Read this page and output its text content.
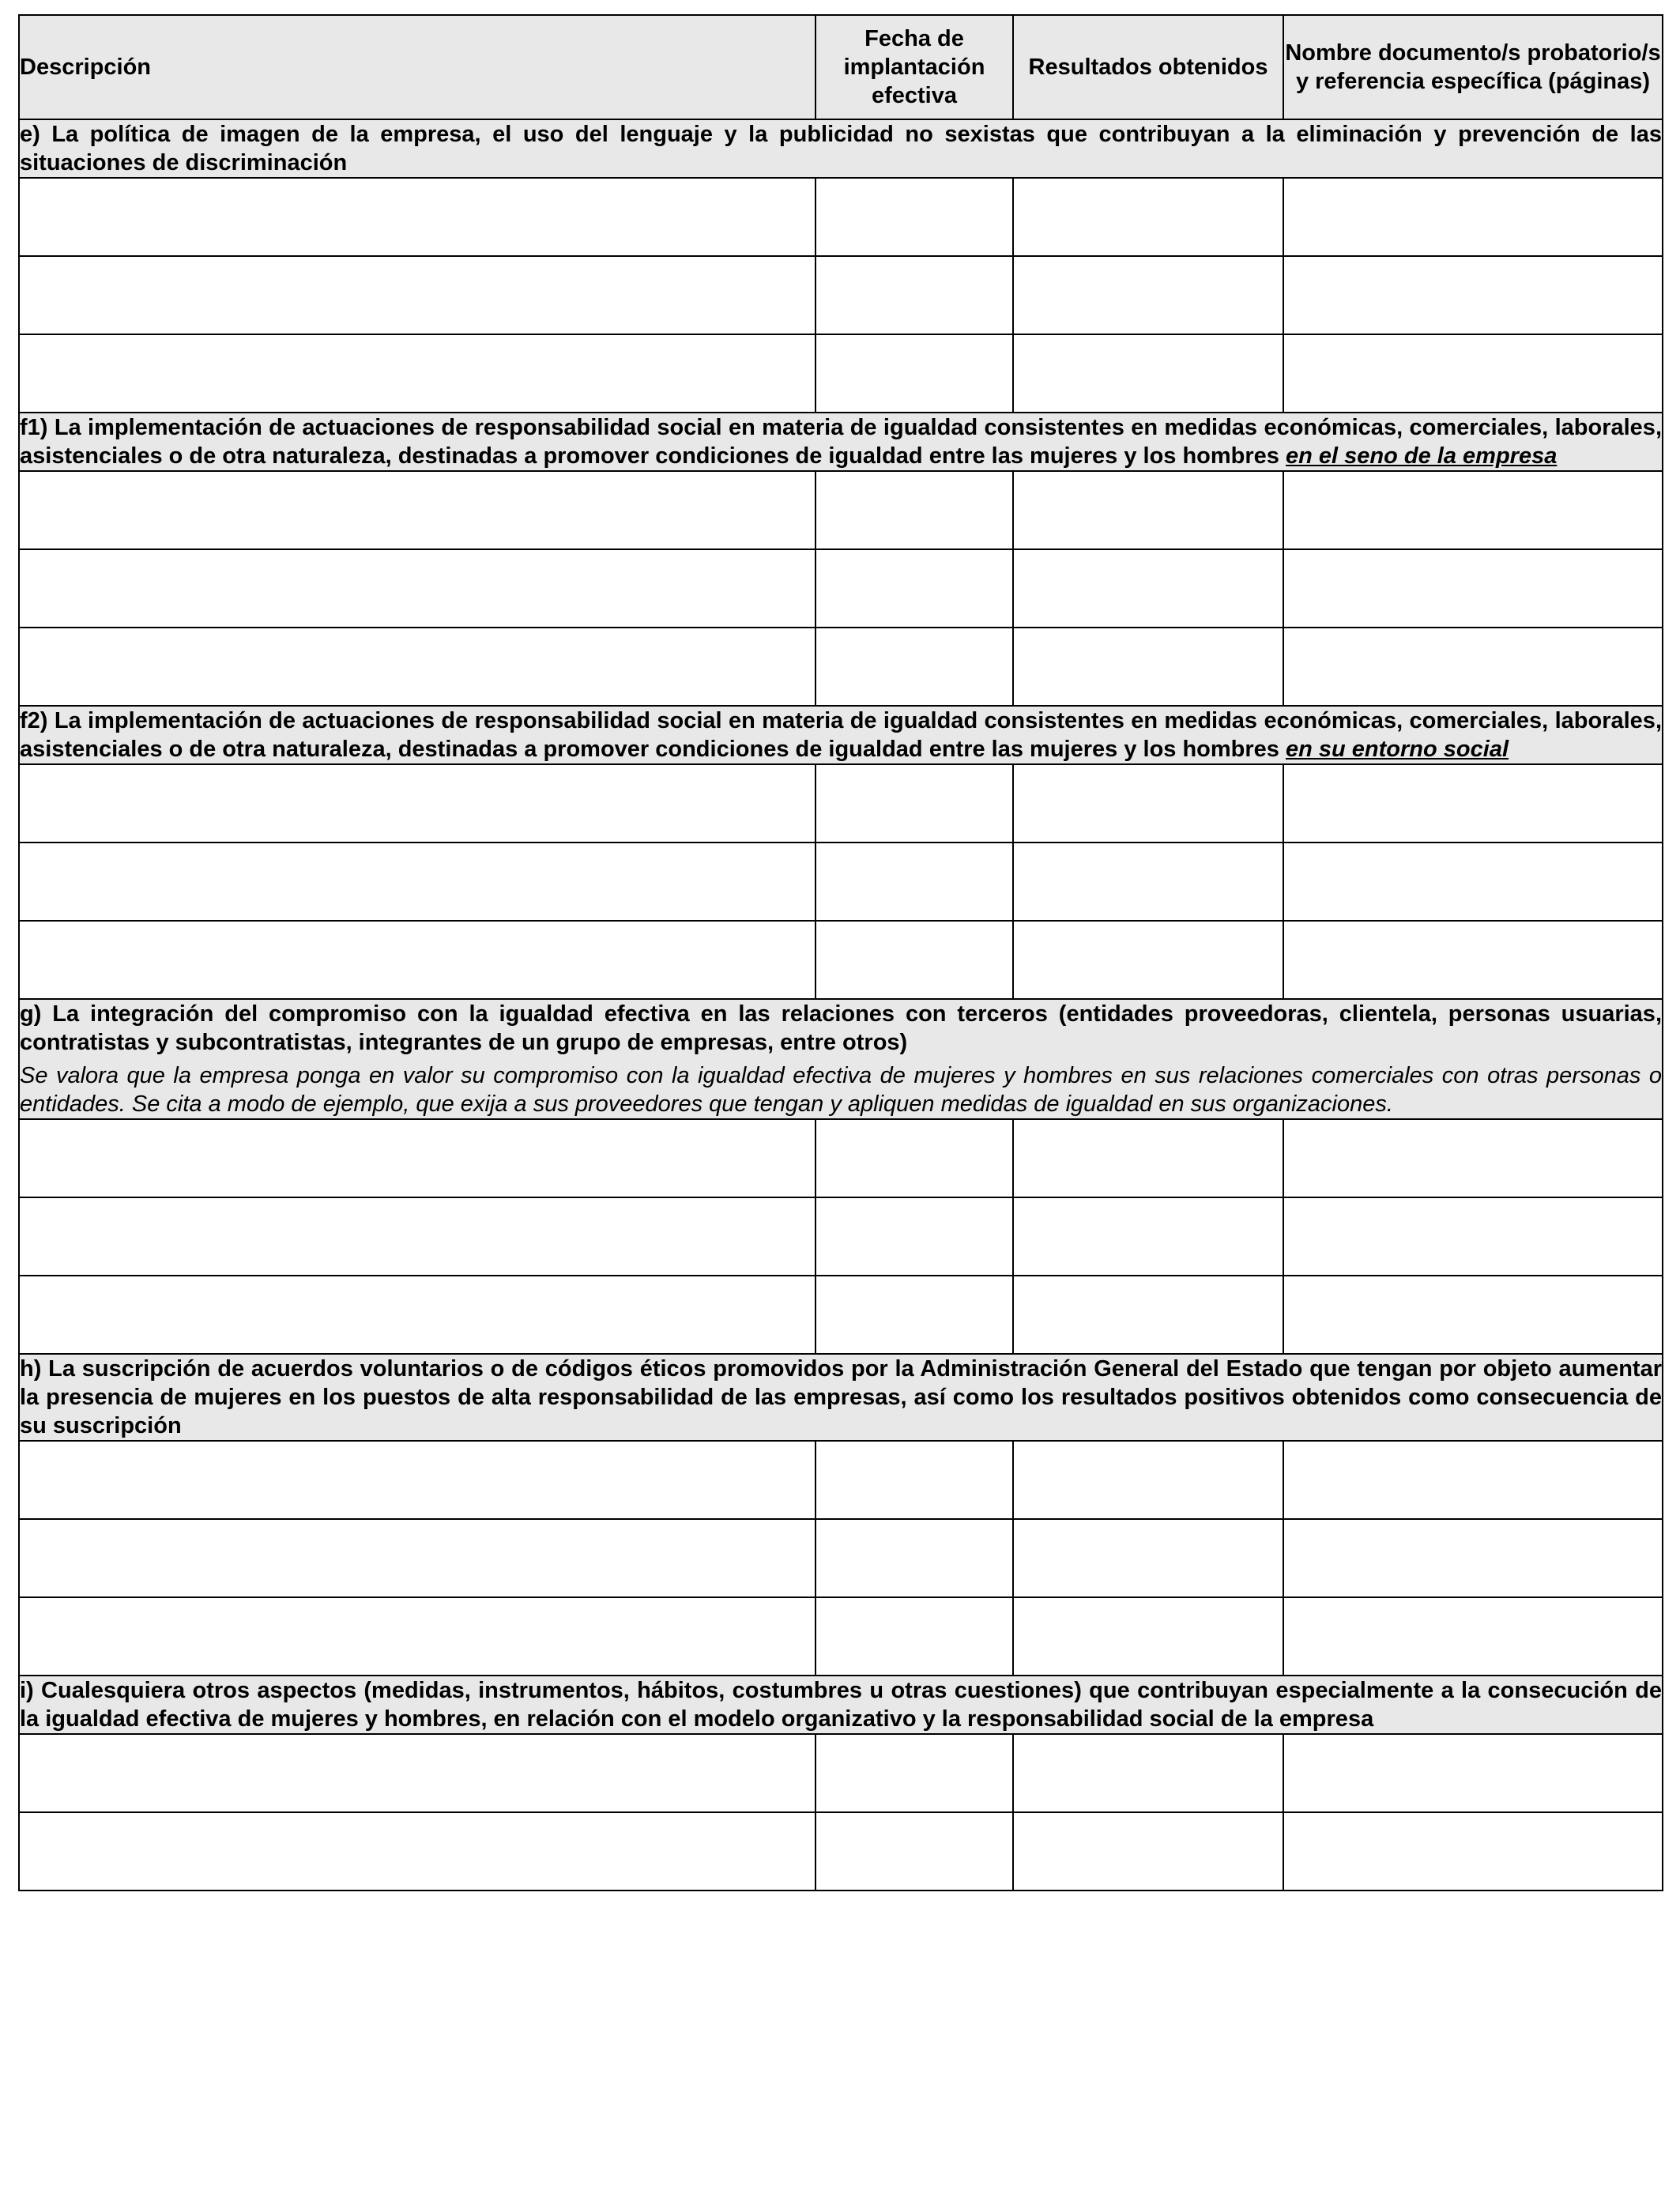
Descripción	Fecha de implantación efectiva	Resultados obtenidos	Nombre documento/s probatorio/s y referencia específica (páginas)

e) La política de imagen de la empresa, el uso del lenguaje y la publicidad no sexistas que contribuyan a la eliminación y prevención de las situaciones de discriminación			

f1) La implementación de actuaciones de responsabilidad social en materia de igualdad consistentes en medidas económicas, comerciales, laborales, asistenciales o de otra naturaleza, destinadas a promover condiciones de igualdad entre las mujeres y los hombres en el seno de la empresa			

f2) La implementación de actuaciones de responsabilidad social en materia de igualdad consistentes en medidas económicas, comerciales, laborales, asistenciales o de otra naturaleza, destinadas a promover condiciones de igualdad entre las mujeres y los hombres en su entorno social			

g) La integración del compromiso con la igualdad efectiva en las relaciones con terceros (entidades proveedoras, clientela, personas usuarias, contratistas y subcontratistas, integrantes de un grupo de empresas, entre otros)
Se valora que la empresa ponga en valor su compromiso con la igualdad efectiva de mujeres y hombres en sus relaciones comerciales con otras personas o entidades. Se cita a modo de ejemplo, que exija a sus proveedores que tengan y apliquen medidas de igualdad en sus organizaciones.			

h) La suscripción de acuerdos voluntarios o de códigos éticos promovidos por la Administración General del Estado que tengan por objeto aumentar la presencia de mujeres en los puestos de alta responsabilidad de las empresas, así como los resultados positivos obtenidos como consecuencia de su suscripción			

i) Cualesquiera otros aspectos (medidas, instrumentos, hábitos, costumbres u otras cuestiones) que contribuyan especialmente a la consecución de la igualdad efectiva de mujeres y hombres, en relación con el modelo organizativo y la responsabilidad social de la empresa			
